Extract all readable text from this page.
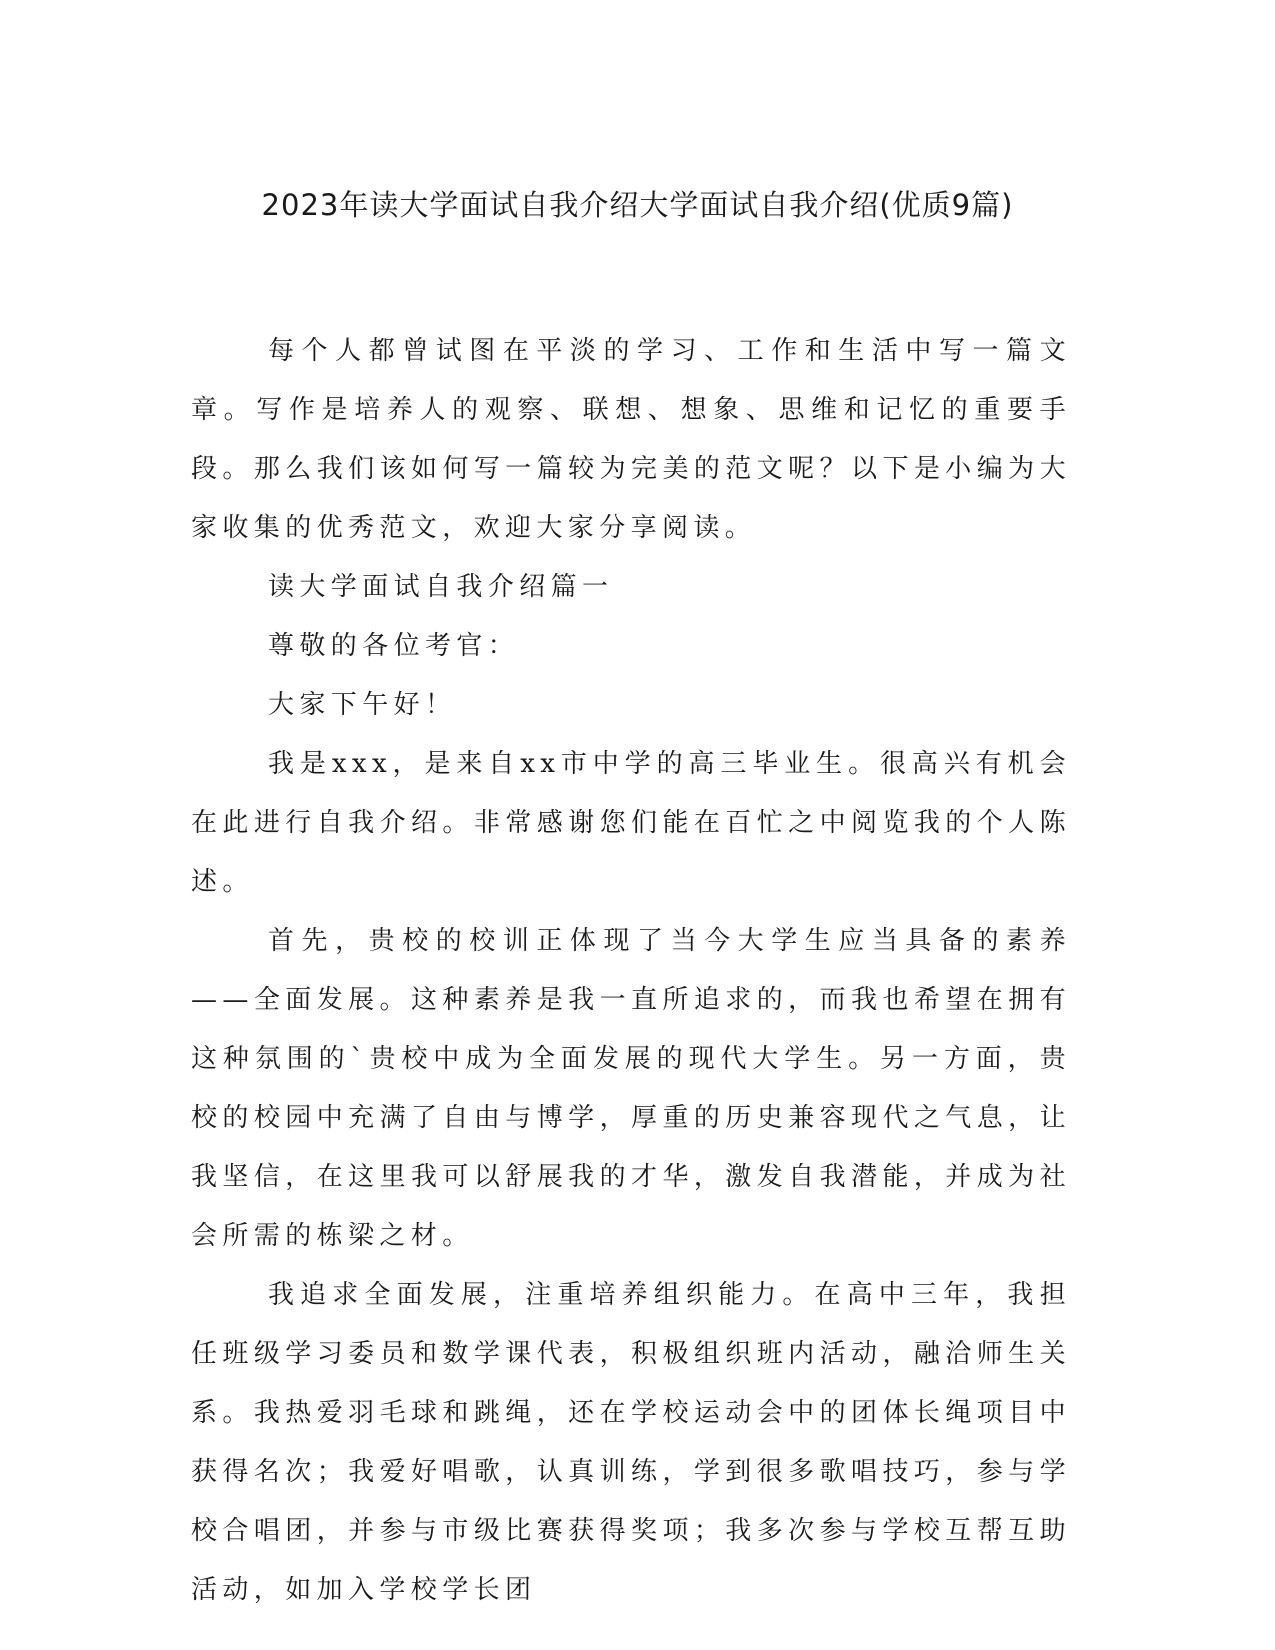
2023年读大学面试自我介绍大学面试自我介绍(优质9篇)

每个人都曾试图在平淡的学习、工作和生活中写一篇文章。写作是培养人的观察、联想、想象、思维和记忆的重要手段。那么我们该如何写一篇较为完美的范文呢？以下是小编为大家收集的优秀范文，欢迎大家分享阅读。

读大学面试自我介绍篇一

尊敬的各位考官：

大家下午好！

我是xxx，是来自xx市中学的高三毕业生。很高兴有机会在此进行自我介绍。非常感谢您们能在百忙之中阅览我的个人陈述。

首先，贵校的校训正体现了当今大学生应当具备的素养——全面发展。这种素养是我一直所追求的，而我也希望在拥有这种氛围的`贵校中成为全面发展的现代大学生。另一方面，贵校的校园中充满了自由与博学，厚重的历史兼容现代之气息，让我坚信，在这里我可以舒展我的才华，激发自我潜能，并成为社会所需的栋梁之材。

我追求全面发展，注重培养组织能力。在高中三年，我担任班级学习委员和数学课代表，积极组织班内活动，融洽师生关系。我热爱羽毛球和跳绳，还在学校运动会中的团体长绳项目中获得名次；我爱好唱歌，认真训练，学到很多歌唱技巧，参与学校合唱团，并参与市级比赛获得奖项；我多次参与学校互帮互助活动，如加入学校学长团
